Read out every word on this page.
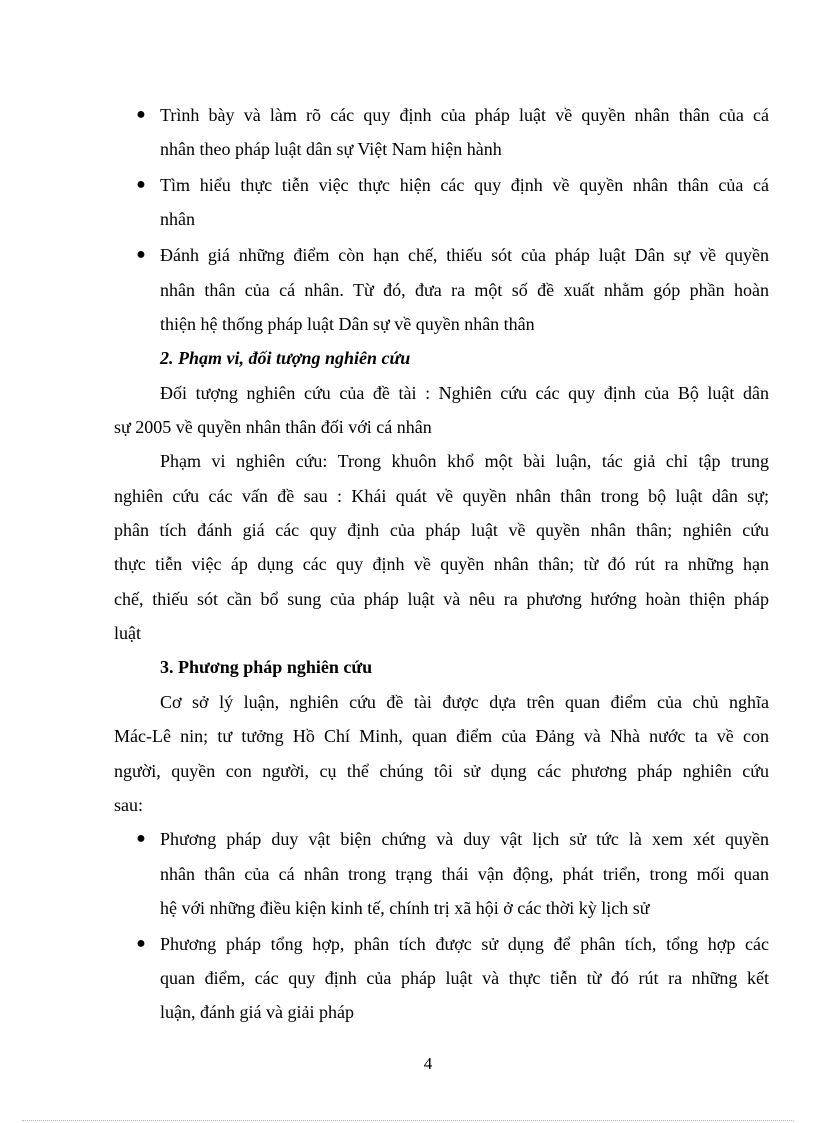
● Trình bày và làm rõ các quy định của pháp luật về quyền nhân thân của cá
nhân theo pháp luật dân sự Việt Nam hiện hành
● Tìm hiểu thực tiễn việc thực hiện các quy định về quyền nhân thân của cá
nhân
● Đánh giá những điểm còn hạn chế, thiếu sót của pháp luật Dân sự về quyền
nhân thân của cá nhân. Từ đó, đưa ra một số đề xuất nhằm góp phần hoàn
thiện hệ thống pháp luật Dân sự về quyền nhân thân
2. Phạm vi, đối tượng nghiên cứu
Đối tượng nghiên cứu của đề tài : Nghiên cứu các quy định của Bộ luật dân
sự 2005 về quyền nhân thân đối với cá nhân
Phạm vi nghiên cứu: Trong khuôn khổ một bài luận, tác giả chỉ tập trung
nghiên cứu các vấn đề sau : Khái quát về quyền nhân thân trong bộ luật dân sự;
phân tích đánh giá các quy định của pháp luật về quyền nhân thân; nghiên cứu
thực tiễn việc áp dụng các quy định về quyền nhân thân; từ đó rút ra những hạn
chế, thiếu sót cần bổ sung của pháp luật và nêu ra phương hướng hoàn thiện pháp
luật
3. Phương pháp nghiên cứu
Cơ sở lý luận, nghiên cứu đề tài được dựa trên quan điểm của chủ nghĩa
Mác-Lê nin; tư tưởng Hồ Chí Minh, quan điểm của Đảng và Nhà nước ta về con
người, quyền con người, cụ thể chúng tôi sử dụng các phương pháp nghiên cứu
sau:
● Phương pháp duy vật biện chứng và duy vật lịch sử tức là xem xét quyền
nhân thân của cá nhân trong trạng thái vận động, phát triển, trong mối quan
hệ với những điều kiện kinh tế, chính trị xã hội ở các thời kỳ lịch sử
● Phương pháp tổng hợp, phân tích được sử dụng để phân tích, tổng hợp các
quan điểm, các quy định của pháp luật và thực tiễn từ đó rút ra những kết
luận, đánh giá và giải pháp
4
